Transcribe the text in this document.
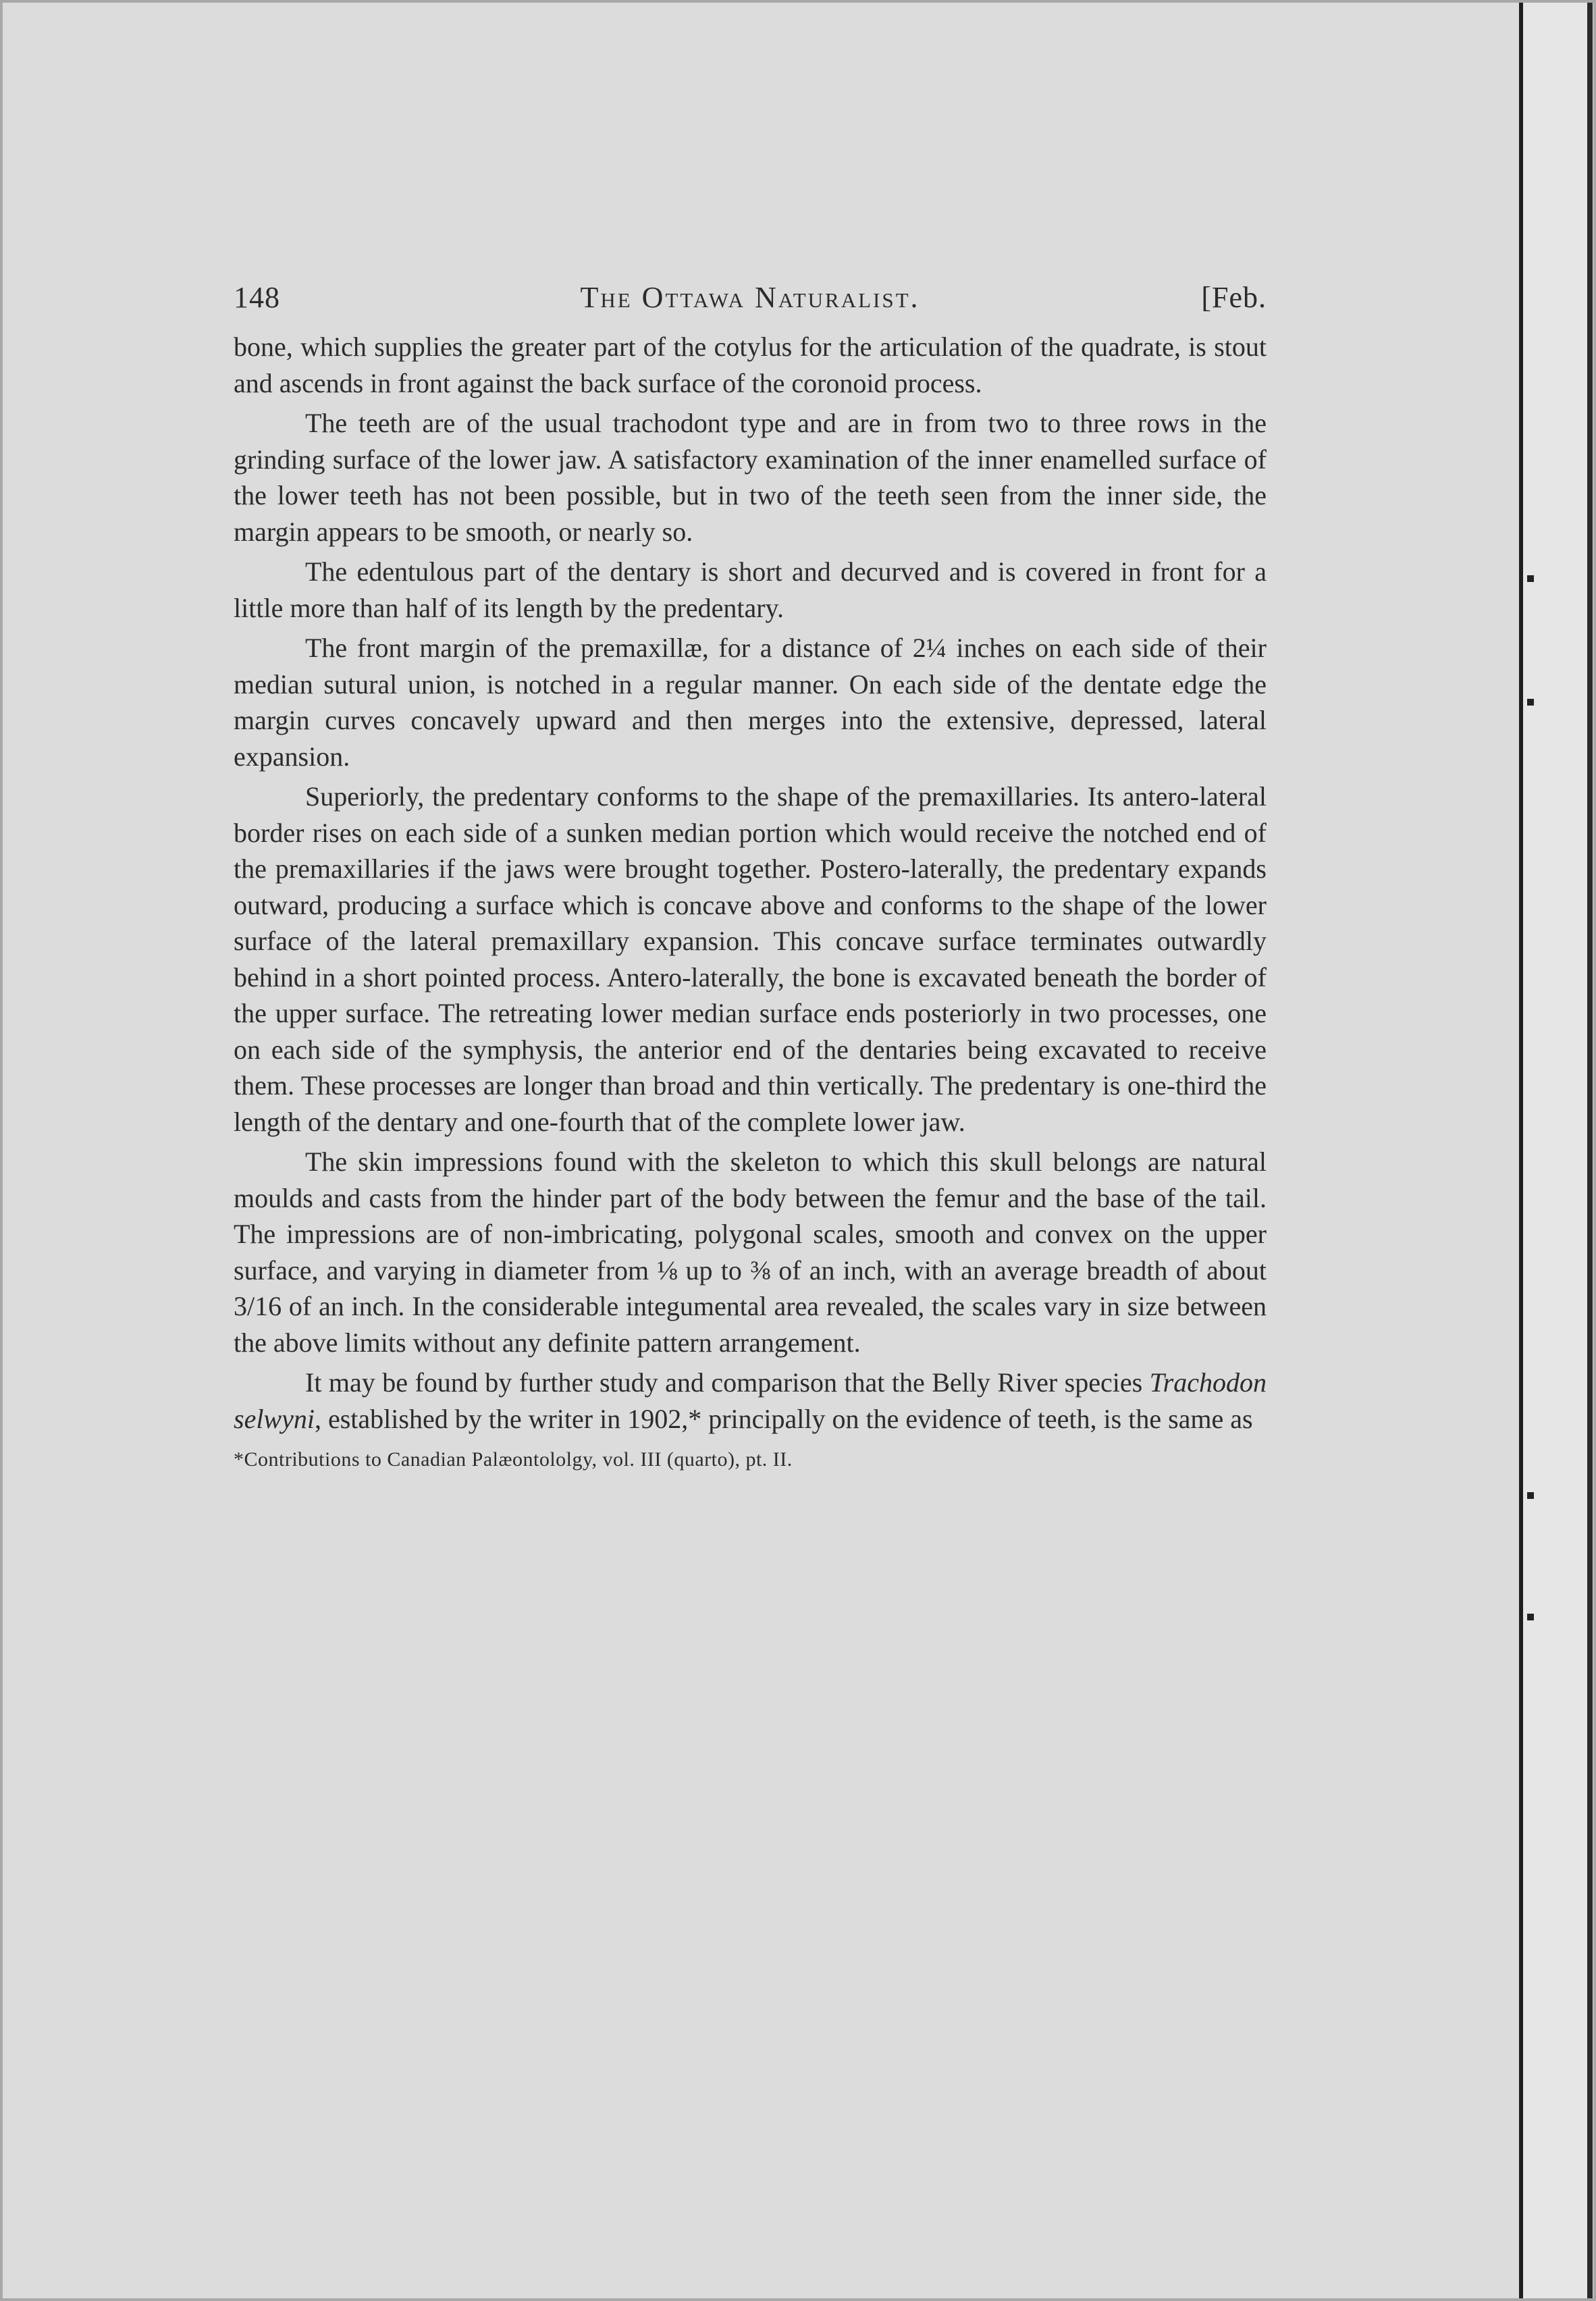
148	The Ottawa Naturalist.	[Feb.

bone, which supplies the greater part of the cotylus for the articulation of the quadrate, is stout and ascends in front against the back surface of the coronoid process.

The teeth are of the usual trachodont type and are in from two to three rows in the grinding surface of the lower jaw. A satisfactory examination of the inner enamelled surface of the lower teeth has not been possible, but in two of the teeth seen from the inner side, the margin appears to be smooth, or nearly so.

The edentulous part of the dentary is short and decurved and is covered in front for a little more than half of its length by the predentary.

The front margin of the premaxillæ, for a distance of 2¼ inches on each side of their median sutural union, is notched in a regular manner. On each side of the dentate edge the margin curves concavely upward and then merges into the extensive, depressed, lateral expansion.

Superiorly, the predentary conforms to the shape of the premaxillaries. Its antero-lateral border rises on each side of a sunken median portion which would receive the notched end of the premaxillaries if the jaws were brought together. Postero-laterally, the predentary expands outward, producing a surface which is concave above and conforms to the shape of the lower surface of the lateral premaxillary expansion. This concave surface terminates outwardly behind in a short pointed process. Antero-laterally, the bone is excavated beneath the border of the upper surface. The retreating lower median surface ends posteriorly in two processes, one on each side of the symphysis, the anterior end of the dentaries being excavated to receive them. These processes are longer than broad and thin vertically. The predentary is one-third the length of the dentary and one-fourth that of the complete lower jaw.

The skin impressions found with the skeleton to which this skull belongs are natural moulds and casts from the hinder part of the body between the femur and the base of the tail. The impressions are of non-imbricating, polygonal scales, smooth and convex on the upper surface, and varying in diameter from ⅛ up to ⅜ of an inch, with an average breadth of about 3/16 of an inch. In the considerable integumental area revealed, the scales vary in size between the above limits without any definite pattern arrangement.

It may be found by further study and comparison that the Belly River species Trachodon selwyni, established by the writer in 1902,* principally on the evidence of teeth, is the same as

*Contributions to Canadian Palæontololgy, vol. III (quarto), pt. II.
